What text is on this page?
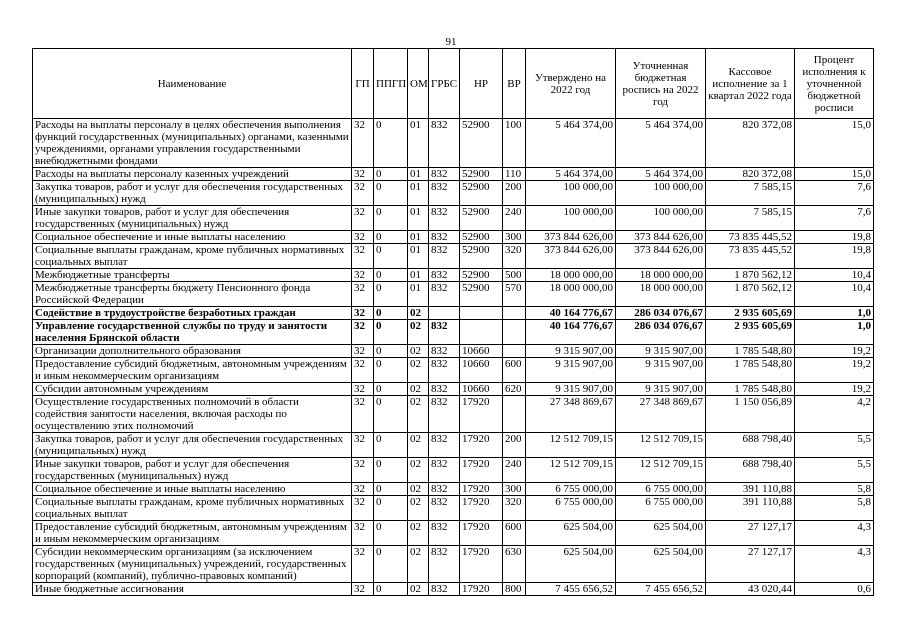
91
Наименование	ГП	ППГП	ОМ	ГРБС	НР	ВР	Утверждено на 2022 год	Уточненная бюджетная роспись на 2022 год	Кассовое исполнение за 1 квартал 2022 года	Процент исполнения к уточненной бюджетной росписи
Расходы на выплаты персоналу в целях обеспечения выполнения функций государственных (муниципальных) органами, казенными учреждениями, органами управления государственными внебюджетными фондами	32	0	01	832	52900	100	5 464 374,00	5 464 374,00	820 372,08	15,0
Расходы на выплаты персоналу казенных учреждений	32	0	01	832	52900	110	5 464 374,00	5 464 374,00	820 372,08	15,0
Закупка товаров, работ и услуг для обеспечения государственных (муниципальных) нужд	32	0	01	832	52900	200	100 000,00	100 000,00	7 585,15	7,6
Иные закупки товаров, работ и услуг для обеспечения государственных (муниципальных) нужд	32	0	01	832	52900	240	100 000,00	100 000,00	7 585,15	7,6
Социальное обеспечение и иные выплаты населению	32	0	01	832	52900	300	373 844 626,00	373 844 626,00	73 835 445,52	19,8
Социальные выплаты гражданам, кроме публичных нормативных социальных выплат	32	0	01	832	52900	320	373 844 626,00	373 844 626,00	73 835 445,52	19,8
Межбюджетные трансферты	32	0	01	832	52900	500	18 000 000,00	18 000 000,00	1 870 562,12	10,4
Межбюджетные трансферты бюджету Пенсионного фонда Российской Федерации	32	0	01	832	52900	570	18 000 000,00	18 000 000,00	1 870 562,12	10,4
Содействие в трудоустройстве безработных граждан	32	0	02				40 164 776,67	286 034 076,67	2 935 605,69	1,0
Управление государственной службы по труду и занятости населения Брянской области	32	0	02	832			40 164 776,67	286 034 076,67	2 935 605,69	1,0
Организации дополнительного образования	32	0	02	832	10660		9 315 907,00	9 315 907,00	1 785 548,80	19,2
Предоставление субсидий бюджетным, автономным учреждениям и иным некоммерческим организациям	32	0	02	832	10660	600	9 315 907,00	9 315 907,00	1 785 548,80	19,2
Субсидии автономным учреждениям	32	0	02	832	10660	620	9 315 907,00	9 315 907,00	1 785 548,80	19,2
Осуществление государственных полномочий в области содействия занятости населения, включая расходы по осуществлению этих полномочий	32	0	02	832	17920		27 348 869,67	27 348 869,67	1 150 056,89	4,2
Закупка товаров, работ и услуг для обеспечения государственных (муниципальных) нужд	32	0	02	832	17920	200	12 512 709,15	12 512 709,15	688 798,40	5,5
Иные закупки товаров, работ и услуг для обеспечения государственных (муниципальных) нужд	32	0	02	832	17920	240	12 512 709,15	12 512 709,15	688 798,40	5,5
Социальное обеспечение и иные выплаты населению	32	0	02	832	17920	300	6 755 000,00	6 755 000,00	391 110,88	5,8
Социальные выплаты гражданам, кроме публичных нормативных социальных выплат	32	0	02	832	17920	320	6 755 000,00	6 755 000,00	391 110,88	5,8
Предоставление субсидий бюджетным, автономным учреждениям и иным некоммерческим организациям	32	0	02	832	17920	600	625 504,00	625 504,00	27 127,17	4,3
Субсидии некоммерческим организациям (за исключением государственных (муниципальных) учреждений, государственных корпораций (компаний), публично-правовых компаний)	32	0	02	832	17920	630	625 504,00	625 504,00	27 127,17	4,3
Иные бюджетные ассигнования	32	0	02	832	17920	800	7 455 656,52	7 455 656,52	43 020,44	0,6
